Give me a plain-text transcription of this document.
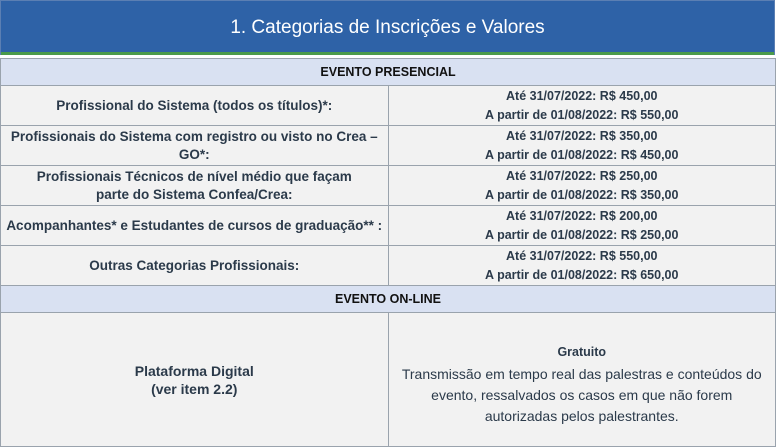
1. Categorias de Inscrições e Valores
EVENTO PRESENCIAL	
Profissional do Sistema (todos os títulos)*:	Até 31/07/2022: R$ 450,00
A partir de 01/08/2022: R$ 550,00
Profissionais do Sistema com registro ou visto no Crea – GO*:	Até 31/07/2022: R$ 350,00
A partir de 01/08/2022: R$ 450,00
Profissionais Técnicos de nível médio que façam parte do Sistema Confea/Crea:	Até 31/07/2022: R$ 250,00
A partir de 01/08/2022: R$ 350,00
Acompanhantes* e Estudantes de cursos de graduação** :	Até 31/07/2022: R$ 200,00
A partir de 01/08/2022: R$ 250,00
Outras Categorias Profissionais:	Até 31/07/2022: R$ 550,00
A partir de 01/08/2022: R$ 650,00
EVENTO ON-LINE	
Plataforma Digital
(ver item 2.2)	Gratuito
Transmissão em tempo real das palestras e conteúdos do evento, ressalvados os casos em que não forem autorizadas pelos palestrantes.
